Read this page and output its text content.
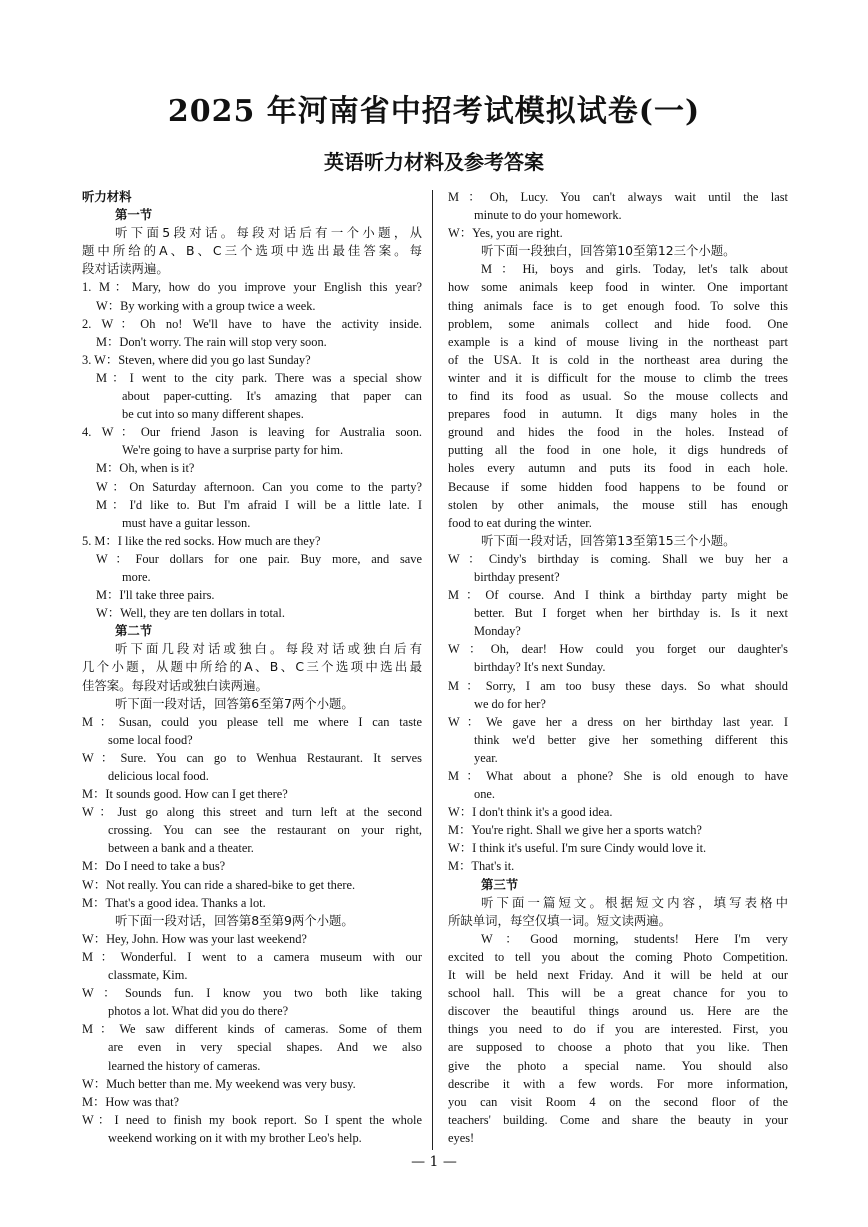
2025 年河南省中招考试模拟试卷(一)
英语听力材料及参考答案
听力材料
第一节
听下面5段对话。每段对话后有一个小题，从
题中所给的A、B、C三个选项中选出最佳答案。每
段对话读两遍。
1. M：Mary, how do you improve your English this year?
W：By working with a group twice a week.
2. W：Oh no! We'll have to have the activity inside.
M：Don't worry. The rain will stop very soon.
3. W：Steven, where did you go last Sunday?
M：I went to the city park. There was a special show
about paper-cutting. It's amazing that paper can
be cut into so many different shapes.
4. W：Our friend Jason is leaving for Australia soon.
We're going to have a surprise party for him.
M：Oh, when is it?
W：On Saturday afternoon. Can you come to the party?
M：I'd like to. But I'm afraid I will be a little late. I
must have a guitar lesson.
5. M：I like the red socks. How much are they?
W：Four dollars for one pair. Buy more, and save
more.
M：I'll take three pairs.
W：Well, they are ten dollars in total.
第二节
听下面几段对话或独白。每段对话或独白后有
几个小题，从题中所给的A、B、C三个选项中选出最
佳答案。每段对话或独白读两遍。
听下面一段对话，回答第6至第7两个小题。
M：Susan, could you please tell me where I can taste
some local food?
W：Sure. You can go to Wenhua Restaurant. It serves
delicious local food.
M：It sounds good. How can I get there?
W：Just go along this street and turn left at the second
crossing. You can see the restaurant on your right,
between a bank and a theater.
M：Do I need to take a bus?
W：Not really. You can ride a shared-bike to get there.
M：That's a good idea. Thanks a lot.
听下面一段对话，回答第8至第9两个小题。
W：Hey, John. How was your last weekend?
M：Wonderful. I went to a camera museum with our
classmate, Kim.
W：Sounds fun. I know you two both like taking
photos a lot. What did you do there?
M：We saw different kinds of cameras. Some of them
are even in very special shapes. And we also
learned the history of cameras.
W：Much better than me. My weekend was very busy.
M：How was that?
W：I need to finish my book report. So I spent the whole
weekend working on it with my brother Leo's help.
M：Oh, Lucy. You can't always wait until the last
minute to do your homework.
W：Yes, you are right.
听下面一段独白，回答第10至第12三个小题。
M：Hi, boys and girls. Today, let's talk about
how some animals keep food in winter. One important
thing animals face is to get enough food. To solve this
problem, some animals collect and hide food. One
example is a kind of mouse living in the northeast part
of the USA. It is cold in the northeast area during the
winter and it is difficult for the mouse to climb the trees
to find its food as usual. So the mouse collects and
prepares food in autumn. It digs many holes in the
ground and hides the food in the holes. Instead of
putting all the food in one hole, it digs hundreds of
holes every autumn and puts its food in each hole.
Because if some hidden food happens to be found or
stolen by other animals, the mouse still has enough
food to eat during the winter.
听下面一段对话，回答第13至第15三个小题。
W：Cindy's birthday is coming. Shall we buy her a
birthday present?
M：Of course. And I think a birthday party might be
better. But I forget when her birthday is. Is it next
Monday?
W：Oh, dear! How could you forget our daughter's
birthday? It's next Sunday.
M：Sorry, I am too busy these days. So what should
we do for her?
W：We gave her a dress on her birthday last year. I
think we'd better give her something different this
year.
M：What about a phone? She is old enough to have
one.
W：I don't think it's a good idea.
M：You're right. Shall we give her a sports watch?
W：I think it's useful. I'm sure Cindy would love it.
M：That's it.
第三节
听下面一篇短文。根据短文内容，填写表格中
所缺单词，每空仅填一词。短文读两遍。
W：Good morning, students! Here I'm very
excited to tell you about the coming Photo Competition.
It will be held next Friday. And it will be held at our
school hall. This will be a great chance for you to
discover the beautiful things around us. Here are the
things you need to do if you are interested. First, you
are supposed to choose a photo that you like. Then
give the photo a special name. You should also
describe it with a few words. For more information,
you can visit Room 4 on the second floor of the
teachers' building. Come and share the beauty in your
eyes!
— 1 —
